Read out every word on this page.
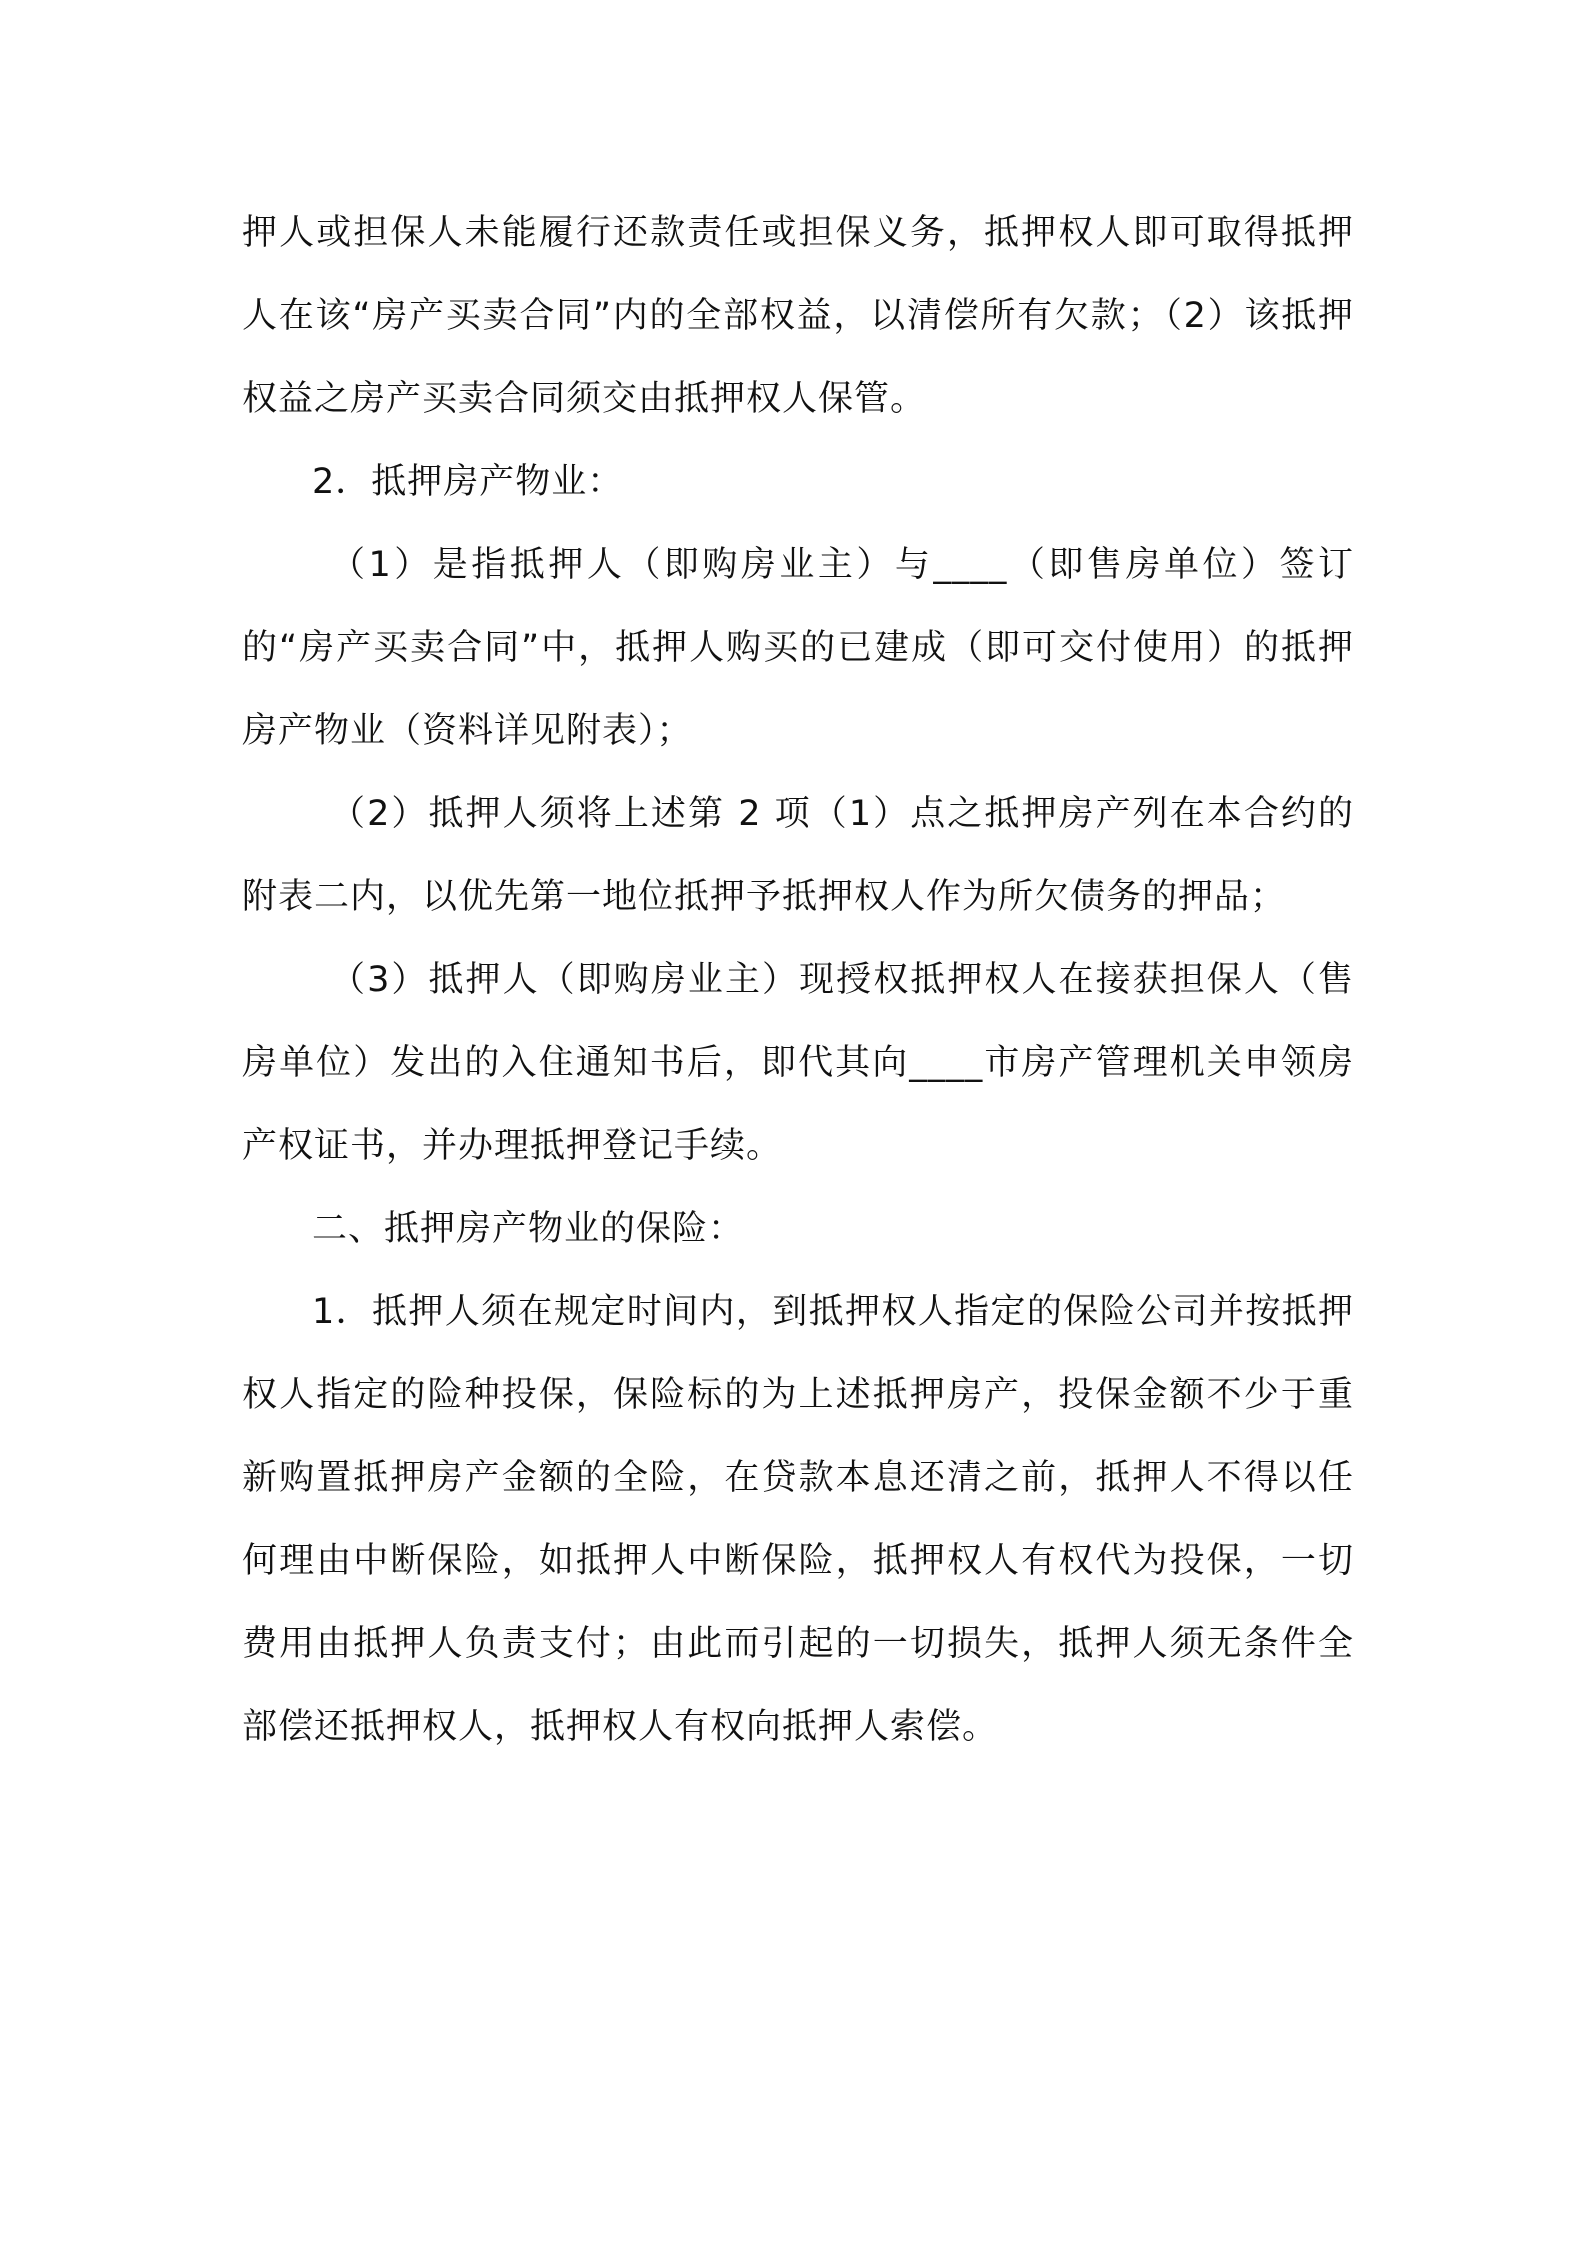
押人或担保人未能履行还款责任或担保义务，抵押权人即可取得抵押人在该“房产买卖合同”内的全部权益，以清偿所有欠款；（2）该抵押权益之房产买卖合同须交由抵押权人保管。

2．抵押房产物业：

（1）是指抵押人（即购房业主）与____（即售房单位）签订的“房产买卖合同”中，抵押人购买的已建成（即可交付使用）的抵押房产物业（资料详见附表）；

（2）抵押人须将上述第 2 项（1）点之抵押房产列在本合约的附表二内，以优先第一地位抵押予抵押权人作为所欠债务的押品；

（3）抵押人（即购房业主）现授权抵押权人在接获担保人（售房单位）发出的入住通知书后，即代其向____市房产管理机关申领房产权证书，并办理抵押登记手续。

二、抵押房产物业的保险：

1．抵押人须在规定时间内，到抵押权人指定的保险公司并按抵押权人指定的险种投保，保险标的为上述抵押房产，投保金额不少于重新购置抵押房产金额的全险，在贷款本息还清之前，抵押人不得以任何理由中断保险，如抵押人中断保险，抵押权人有权代为投保，一切费用由抵押人负责支付；由此而引起的一切损失，抵押人须无条件全部偿还抵押权人，抵押权人有权向抵押人索偿。
